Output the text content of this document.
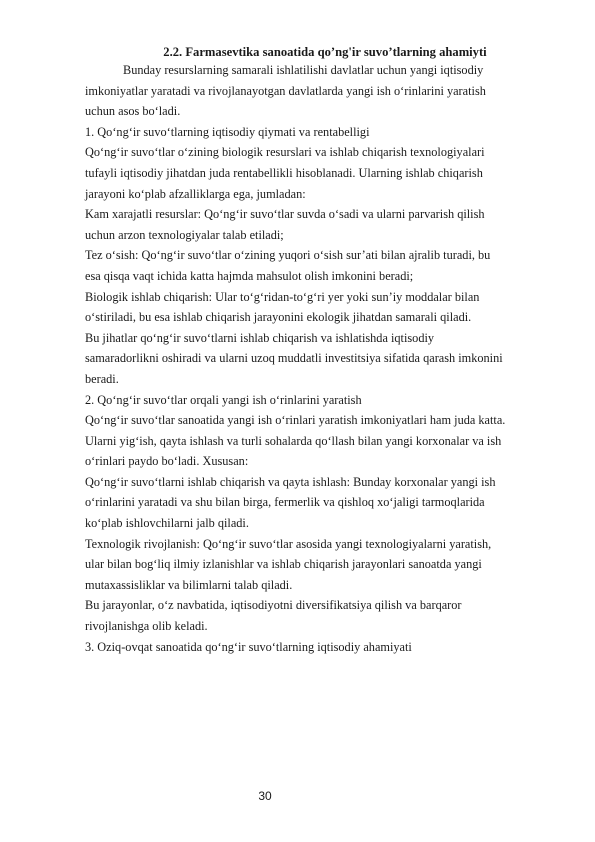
2.2. Farmasevtika sanoatida qo’ng'ir suvo’tlarning ahamiyti

Bunday resurslarning samarali ishlatilishi davlatlar uchun yangi iqtisodiy

imkoniyatlar yaratadi va rivojlanayotgan davlatlarda yangi ish o‘rinlarini yaratish

uchun asos bo‘ladi.

1. Qo‘ng‘ir suvo‘tlarning iqtisodiy qiymati va rentabelligi

Qo‘ng‘ir suvo‘tlar o‘zining biologik resurslari va ishlab chiqarish texnologiyalari

tufayli iqtisodiy jihatdan juda rentabellikli hisoblanadi. Ularning ishlab chiqarish

jarayoni ko‘plab afzalliklarga ega, jumladan:

Kam xarajatli resurslar: Qo‘ng‘ir suvo‘tlar suvda o‘sadi va ularni parvarish qilish

uchun arzon texnologiyalar talab etiladi;

Tez o‘sish: Qo‘ng‘ir suvo‘tlar o‘zining yuqori o‘sish sur’ati bilan ajralib turadi, bu

esa qisqa vaqt ichida katta hajmda mahsulot olish imkonini beradi;

Biologik ishlab chiqarish: Ular to‘g‘ridan-to‘g‘ri yer yoki sun’iy moddalar bilan

o‘stiriladi, bu esa ishlab chiqarish jarayonini ekologik jihatdan samarali qiladi.

Bu jihatlar qo‘ng‘ir suvo‘tlarni ishlab chiqarish va ishlatishda iqtisodiy

samaradorlikni oshiradi va ularni uzoq muddatli investitsiya sifatida qarash imkonini

beradi.

2. Qo‘ng‘ir suvo‘tlar orqali yangi ish o‘rinlarini yaratish

Qo‘ng‘ir suvo‘tlar sanoatida yangi ish o‘rinlari yaratish imkoniyatlari ham juda katta.

Ularni yig‘ish, qayta ishlash va turli sohalarda qo‘llash bilan yangi korxonalar va ish

o‘rinlari paydo bo‘ladi. Xususan:

Qo‘ng‘ir suvo‘tlarni ishlab chiqarish va qayta ishlash: Bunday korxonalar yangi ish

o‘rinlarini yaratadi va shu bilan birga, fermerlik va qishloq xo‘jaligi tarmoqlarida

ko‘plab ishlovchilarni jalb qiladi.

Texnologik rivojlanish: Qo‘ng‘ir suvo‘tlar asosida yangi texnologiyalarni yaratish,

ular bilan bog‘liq ilmiy izlanishlar va ishlab chiqarish jarayonlari sanoatda yangi

mutaxassisliklar va bilimlarni talab qiladi.

Bu jarayonlar, o‘z navbatida, iqtisodiyotni diversifikatsiya qilish va barqaror

rivojlanishga olib keladi.

3. Oziq-ovqat sanoatida qo‘ng‘ir suvo‘tlarning iqtisodiy ahamiyati

30
